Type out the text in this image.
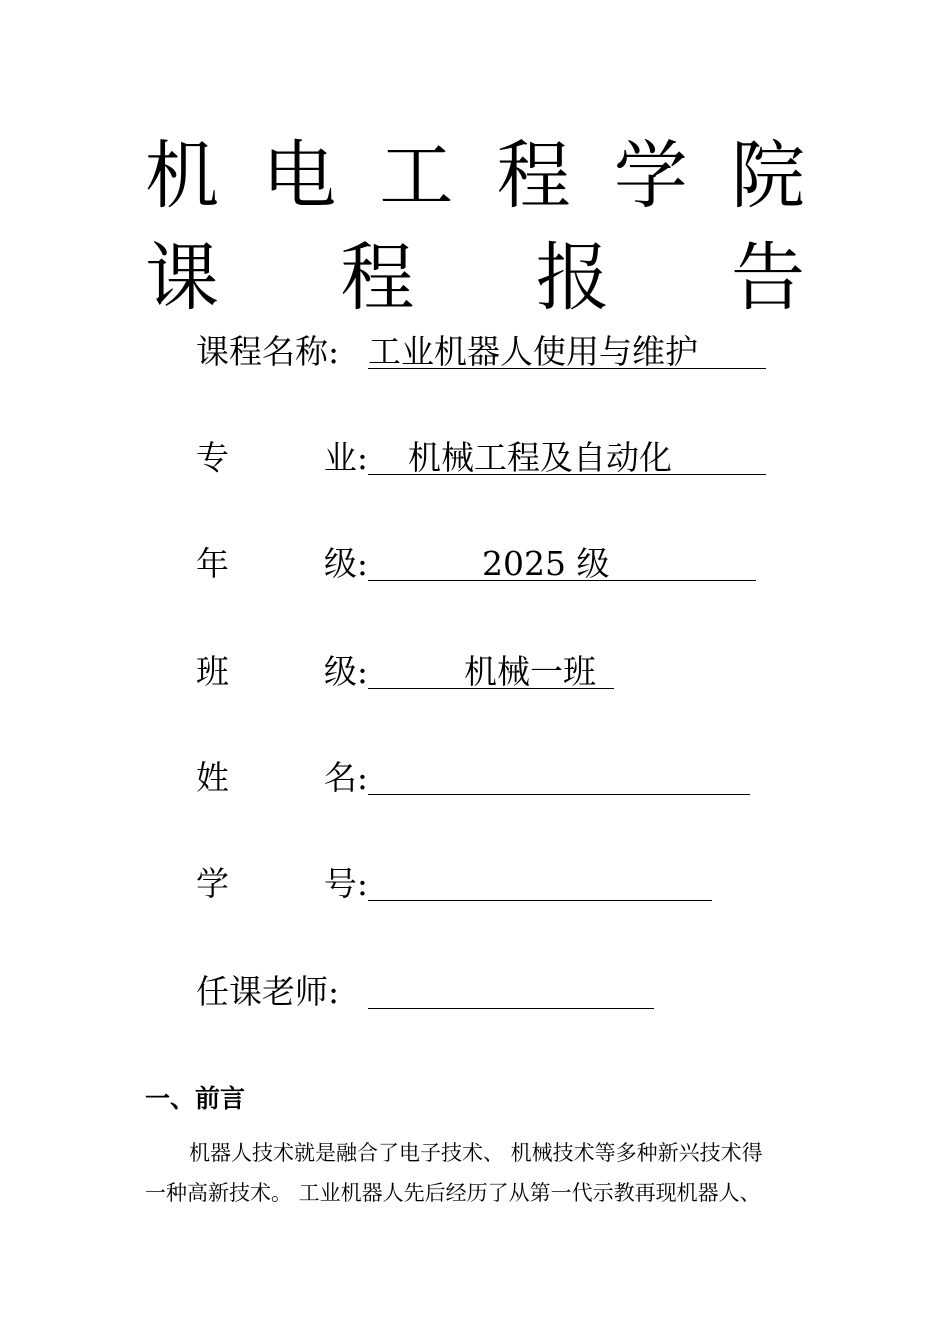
机 电 工 程 学 院
课 程 报 告
课程名称: 工业机器人使用与维护
专	业: 机械工程及自动化
年	级:	2025 级
班	级:	机械一班
姓	名:
学	号:
任课老师:
一、前言
机器人技术就是融合了电子技术、 机械技术等多种新兴技术得
一种高新技术。 工业机器人先后经历了从第一代示教再现机器人、
